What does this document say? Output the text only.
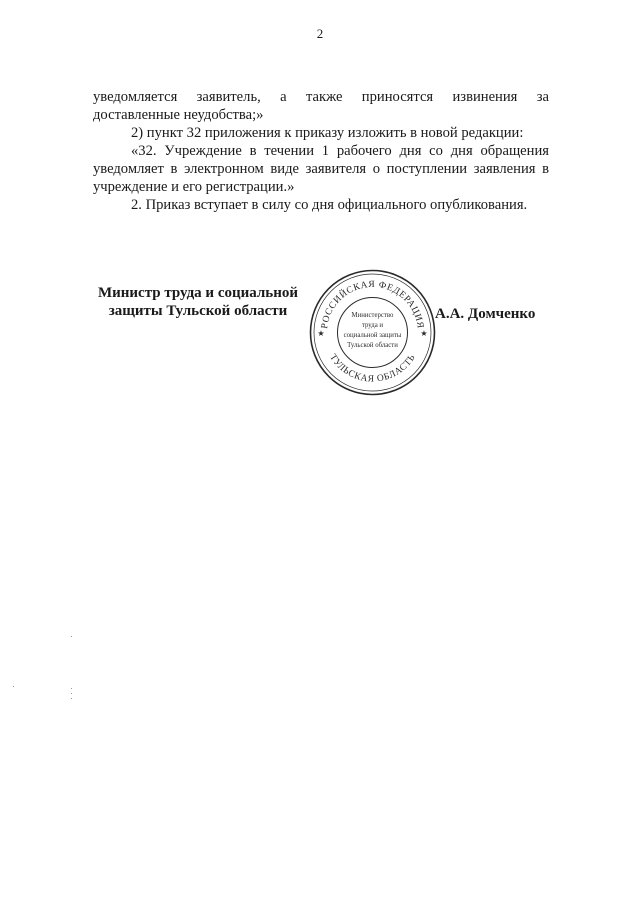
2

уведомляется заявитель, а также приносятся извинения за

доставленные неудобства;»

2) пункт 32 приложения к приказу изложить в новой редакции:

«32. Учреждение в течении 1 рабочего дня со дня обращения уведомляет в электронном виде заявителя о поступлении заявления в учреждение и его регистрации.»

2. Приказ вступает в силу со дня официального опубликования.

Министр труда и социальной
защиты Тульской области
РОССИЙСКАЯ ФЕДЕРАЦИЯ
ТУЛЬСКАЯ ОБЛАСТЬ
★	★
Министерство
труда и
социальной защиты
Тульской области
А.А. Домченко
